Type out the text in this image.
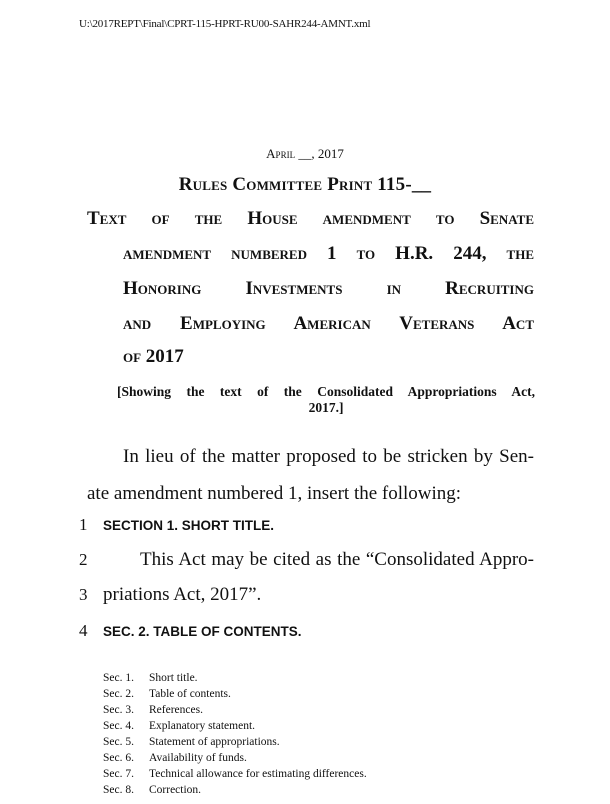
U:\2017REPT\Final\CPRT-115-HPRT-RU00-SAHR244-AMNT.xml
April __, 2017
Rules Committee Print 115-__
Text of the House amendment to Senate
amendment numbered 1 to H.R. 244, the
Honoring Investments in Recruiting
and Employing American Veterans Act
of 2017
[Showing the text of the Consolidated Appropriations Act,
2017.]
In lieu of the matter proposed to be stricken by Sen-
ate amendment numbered 1, insert the following:
1	SECTION 1. SHORT TITLE.
2	This Act may be cited as the “Consolidated Appro-
3 priations Act, 2017”.
4	SEC. 2. TABLE OF CONTENTS.
Sec. 1.	Short title.
Sec. 2.	Table of contents.
Sec. 3.	References.
Sec. 4.	Explanatory statement.
Sec. 5.	Statement of appropriations.
Sec. 6.	Availability of funds.
Sec. 7.	Technical allowance for estimating differences.
Sec. 8.	Correction.
